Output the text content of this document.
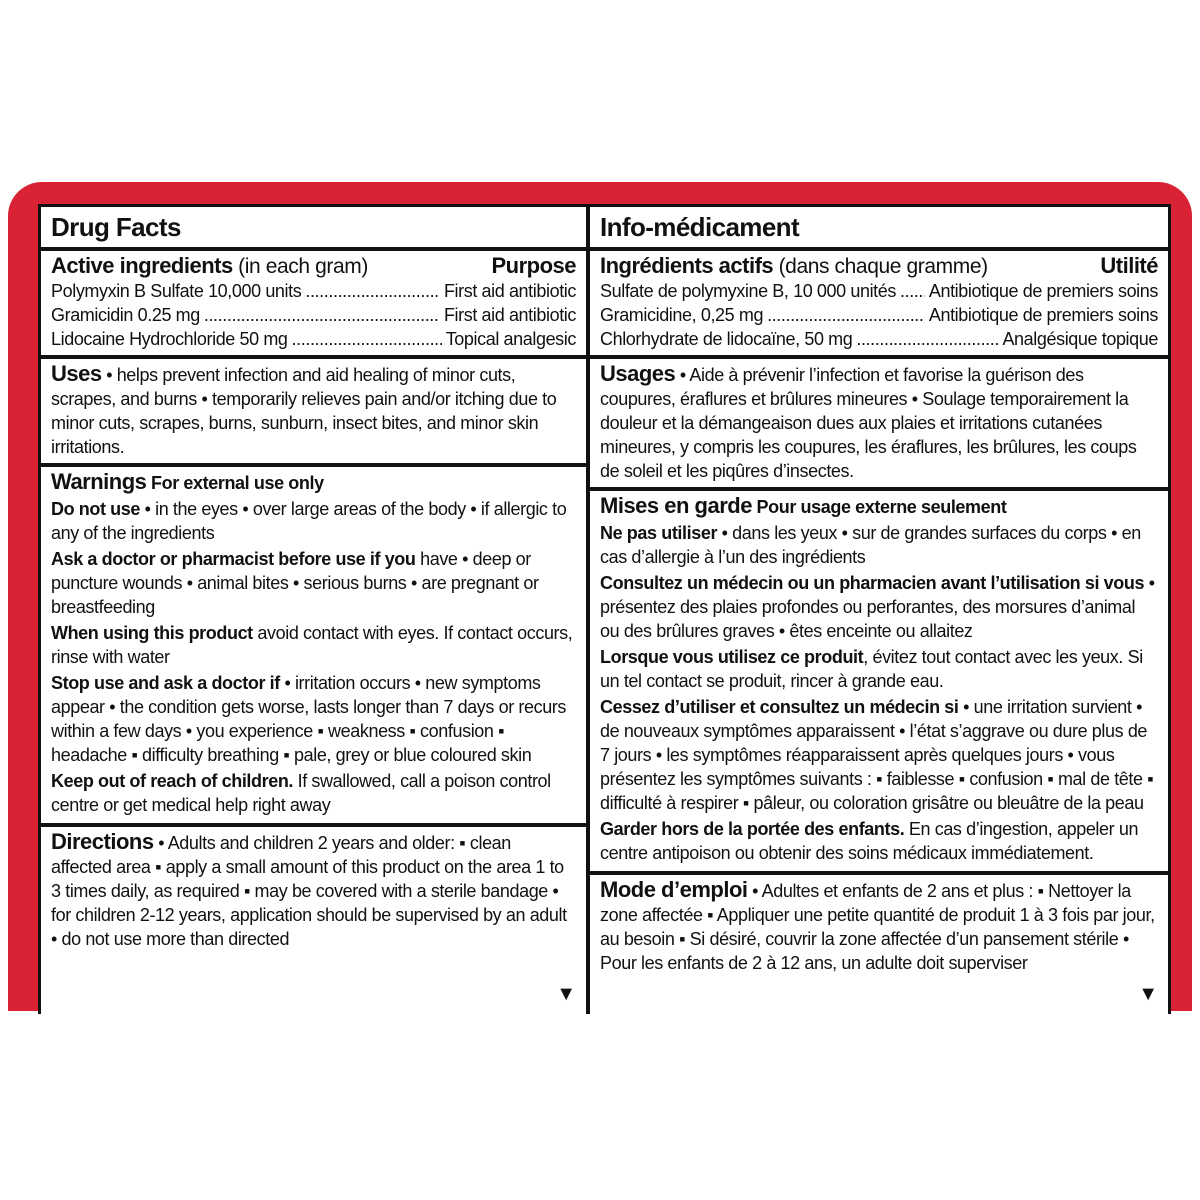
Drug Facts
Active ingredients (in each gram)	Purpose
Polymyxin B Sulfate 10,000 units .....	First aid antibiotic
Gramicidin 0.25 mg .....	First aid antibiotic
Lidocaine Hydrochloride 50 mg .....	Topical analgesic
Uses • helps prevent infection and aid healing of minor cuts, scrapes, and burns • temporarily relieves pain and/or itching due to minor cuts, scrapes, burns, sunburn, insect bites, and minor skin irritations.

Warnings For external use only

Do not use • in the eyes • over large areas of the body • if allergic to any of the ingredients

Ask a doctor or pharmacist before use if you have • deep or puncture wounds • animal bites • serious burns • are pregnant or breastfeeding

When using this product avoid contact with eyes. If contact occurs, rinse with water

Stop use and ask a doctor if • irritation occurs • new symptoms appear • the condition gets worse, lasts longer than 7 days or recurs within a few days • you experience ▪ weakness ▪ confusion ▪ headache ▪ difficulty breathing ▪ pale, grey or blue coloured skin

Keep out of reach of children. If swallowed, call a poison control centre or get medical help right away

Directions • Adults and children 2 years and older: ▪ clean affected area ▪ apply a small amount of this product on the area 1 to 3 times daily, as required ▪ may be covered with a sterile bandage • for children 2-12 years, application should be supervised by an adult • do not use more than directed
▼
Info-médicament
Ingrédients actifs (dans chaque gramme)	Utilité
Sulfate de polymyxine B, 10 000 unités ..... Antibiotique de premiers soins
Gramicidine, 0,25 mg .....	Antibiotique de premiers soins
Chlorhydrate de lidocaïne, 50 mg .....	Analgésique topique
Usages • Aide à prévenir l’infection et favorise la guérison des coupures, éraflures et brûlures mineures • Soulage temporairement la douleur et la démangeaison dues aux plaies et irritations cutanées mineures, y compris les coupures, les éraflures, les brûlures, les coups de soleil et les piqûres d’insectes.

Mises en garde Pour usage externe seulement

Ne pas utiliser • dans les yeux • sur de grandes surfaces du corps • en cas d’allergie à l’un des ingrédients

Consultez un médecin ou un pharmacien avant l’utilisation si vous • présentez des plaies profondes ou perforantes, des morsures d’animal ou des brûlures graves • êtes enceinte ou allaitez

Lorsque vous utilisez ce produit, évitez tout contact avec les yeux. Si un tel contact se produit, rincer à grande eau.

Cessez d’utiliser et consultez un médecin si • une irritation survient • de nouveaux symptômes apparaissent • l’état s’aggrave ou dure plus de 7 jours • les symptômes réapparaissent après quelques jours • vous présentez les symptômes suivants : ▪ faiblesse ▪ confusion ▪ mal de tête ▪ difficulté à respirer ▪ pâleur, ou coloration grisâtre ou bleuâtre de la peau

Garder hors de la portée des enfants. En cas d’ingestion, appeler un centre antipoison ou obtenir des soins médicaux immédiatement.

Mode d’emploi • Adultes et enfants de 2 ans et plus : ▪ Nettoyer la zone affectée ▪ Appliquer une petite quantité de produit 1 à 3 fois par jour, au besoin ▪ Si désiré, couvrir la zone affectée d’un pansement stérile • Pour les enfants de 2 à 12 ans, un adulte doit superviser
▼
